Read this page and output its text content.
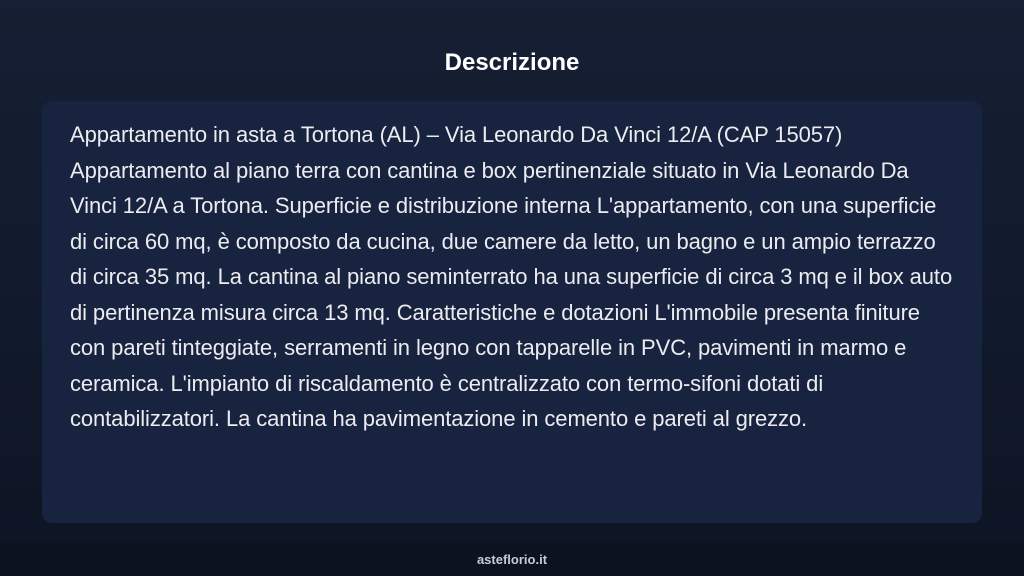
Descrizione

Appartamento in asta a Tortona (AL) – Via Leonardo Da Vinci 12/A (CAP 15057) Appartamento al piano terra con cantina e box pertinenziale situato in Via Leonardo Da Vinci 12/A a Tortona. Superficie e distribuzione interna L'appartamento, con una superficie di circa 60 mq, è composto da cucina, due camere da letto, un bagno e un ampio terrazzo di circa 35 mq. La cantina al piano seminterrato ha una superficie di circa 3 mq e il box auto di pertinenza misura circa 13 mq. Caratteristiche e dotazioni L'immobile presenta finiture con pareti tinteggiate, serramenti in legno con tapparelle in PVC, pavimenti in marmo e ceramica. L'impianto di riscaldamento è centralizzato con termo-sifoni dotati di contabilizzatori. La cantina ha pavimentazione in cemento e pareti al grezzo.

asteflorio.it
